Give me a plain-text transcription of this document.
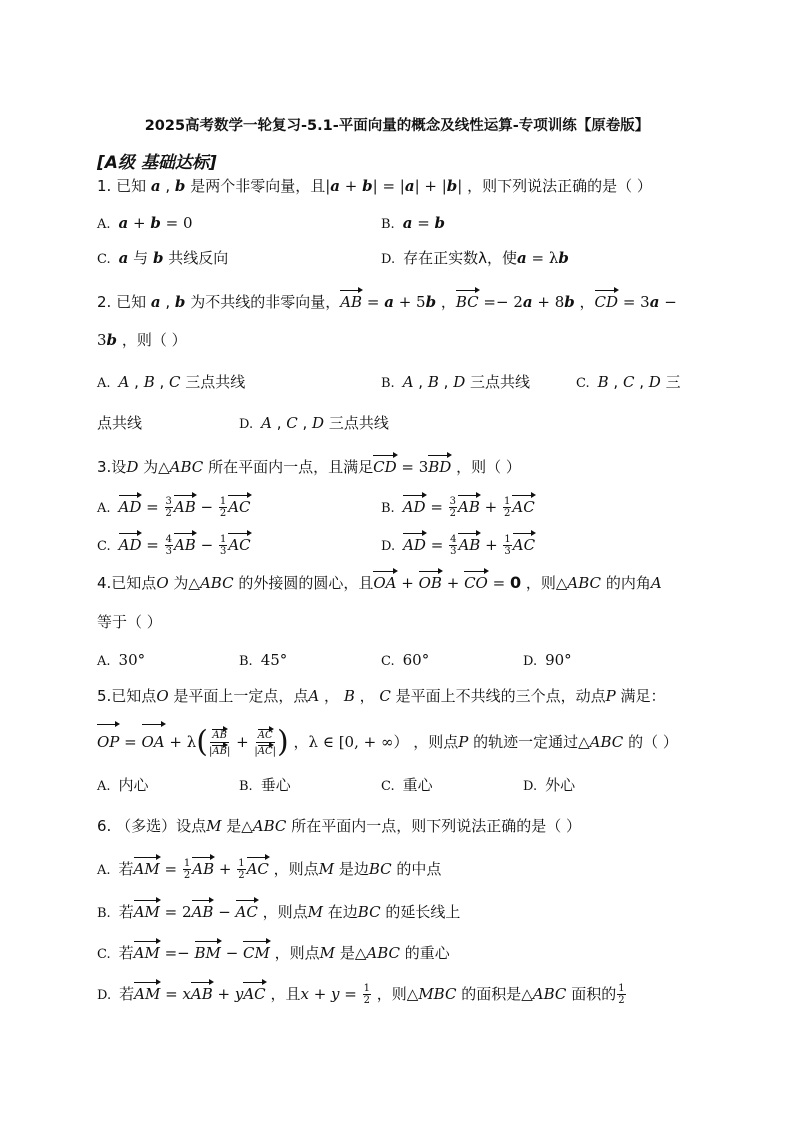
2025高考数学一轮复习-5.1-平面向量的概念及线性运算-专项训练【原卷版】
[A级 基础达标]
1. 已知 a , b 是两个非零向量，且|a + b| = |a| + |b| ，则下列说法正确的是（ ）
A. a + b = 0	B. a = b
C. a 与 b 共线反向	D. 存在正实数λ，使a = λb
2. 已知 a , b 为不共线的非零向量，AB = a + 5b ，BC =− 2a + 8b ，CD = 3a −
3b ，则（ ）
A. A , B , C 三点共线	B. A , B , D 三点共线	C. B , C , D 三
点共线	D. A , C , D 三点共线
3.设D 为△ABC 所在平面内一点，且满足CD = 3BD ，则（ ）
A. AD = $\frac{3}{2}$ AB − $\frac{1}{2}$ AC	B. AD = $\frac{3}{2}$ AB + $\frac{1}{2}$ AC
C. AD = $\frac{4}{3}$ AB − $\frac{1}{3}$ AC	D. AD = $\frac{4}{3}$ AB + $\frac{1}{3}$ AC
4.已知点O 为△ABC 的外接圆的圆心，且OA + OB + CO = 0 ，则△ABC 的内角A
等于（ ）
A. 30°	B. 45°	C. 60°	D. 90°
5.已知点O 是平面上一定点，点A ， B ， C 是平面上不共线的三个点，动点P 满足：
OP = OA + $\lambda( \frac{AB}{|AB|} + \frac{AC}{|AC|}$ ) ，λ ∈ [0, + ∞） ，则点P 的轨迹一定通过△ABC 的（ ）
A. 内心	B. 垂心	C. 重心	D. 外心
6. （多选）设点M 是△ABC 所在平面内一点，则下列说法正确的是（ ）
A. 若AM = $\frac{1}{2}$ AB + $\frac{1}{2}$ AC ，则点M 是边BC 的中点
B. 若AM = 2AB − AC ，则点M 在边BC 的延长线上
C. 若AM =− BM − CM ，则点M 是△ABC 的重心
D. 若AM = xAB + yAC ，且$x + y = \frac{1}{2}$ ，则△MBC 的面积是△ABC 面积的 $\frac{1}{2}$
